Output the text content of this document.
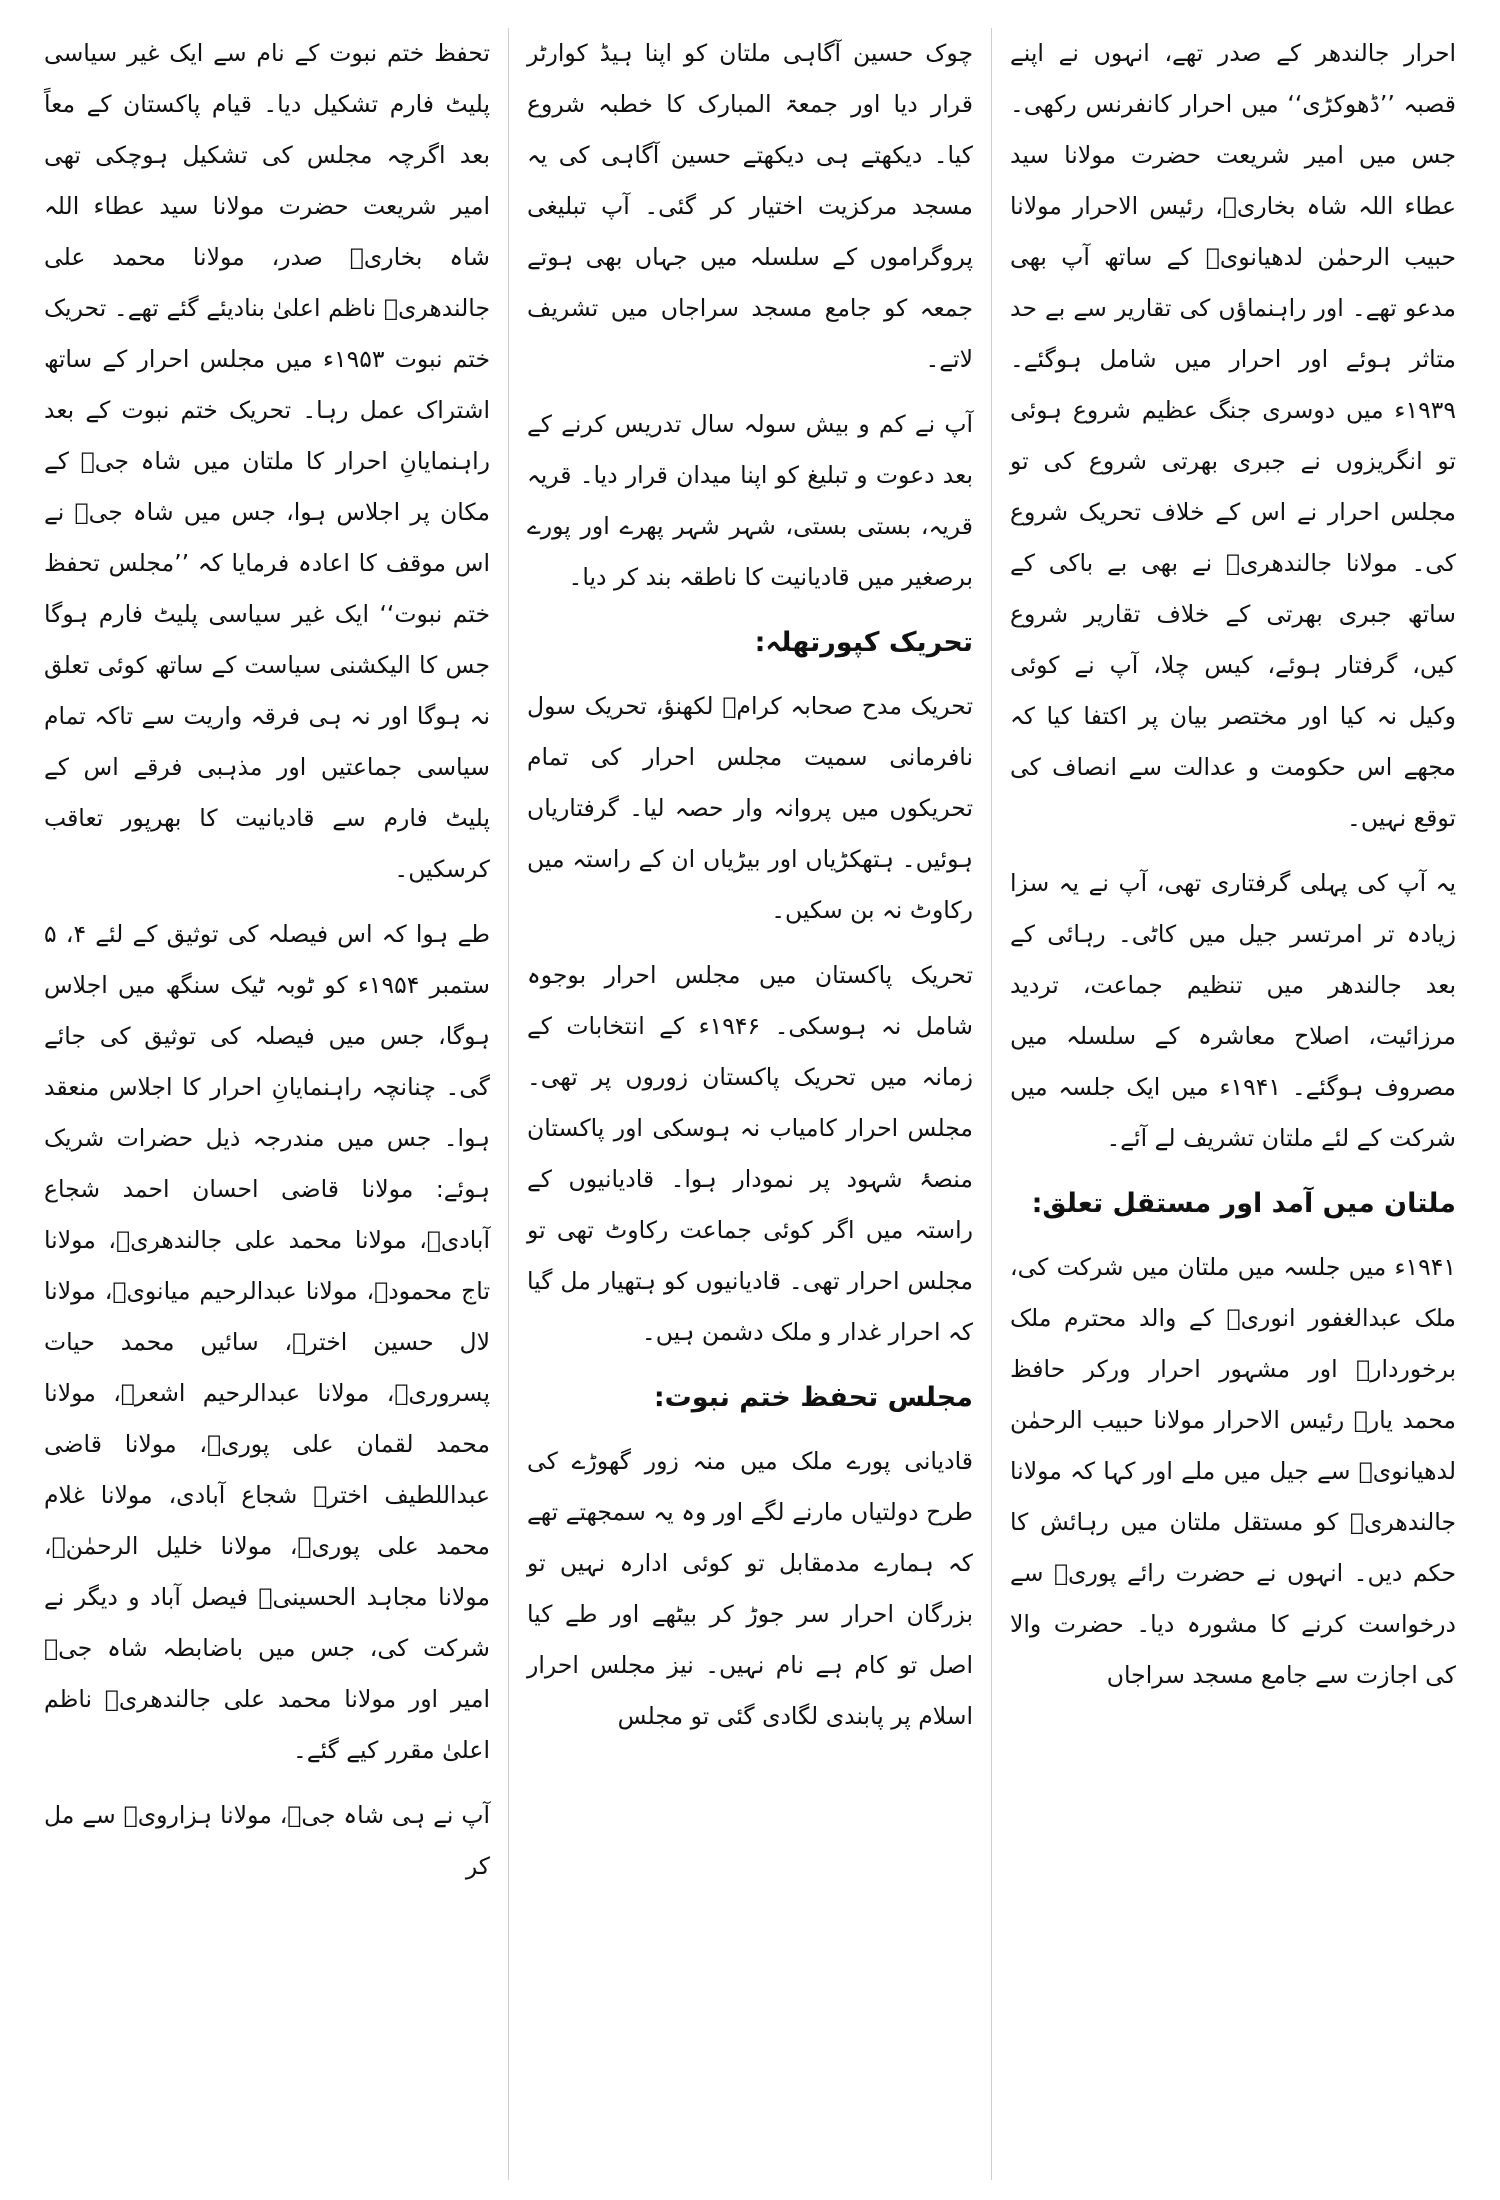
احرار جالندھر کے صدر تھے، انہوں نے اپنے قصبہ ’’ڈھوکڑی‘‘ میں احرار کانفرنس رکھی۔ جس میں امیر شریعت حضرت مولانا سید عطاء اللہ شاہ بخاریؒ، رئیس الاحرار مولانا حبیب الرحمٰن لدھیانویؒ کے ساتھ آپ بھی مدعو تھے۔ اور راہنماؤں کی تقاریر سے بے حد متاثر ہوئے اور احرار میں شامل ہوگئے۔ ۱۹۳۹ء میں دوسری جنگ عظیم شروع ہوئی تو انگریزوں نے جبری بھرتی شروع کی تو مجلس احرار نے اس کے خلاف تحریک شروع کی۔ مولانا جالندھریؒ نے بھی بے باکی کے ساتھ جبری بھرتی کے خلاف تقاریر شروع کیں، گرفتار ہوئے، کیس چلا، آپ نے کوئی وکیل نہ کیا اور مختصر بیان پر اکتفا کیا کہ مجھے اس حکومت و عدالت سے انصاف کی توقع نہیں۔

یہ آپ کی پہلی گرفتاری تھی، آپ نے یہ سزا زیادہ تر امرتسر جیل میں کاٹی۔ رہائی کے بعد جالندھر میں تنظیم جماعت، تردید مرزائیت، اصلاح معاشرہ کے سلسلہ میں مصروف ہوگئے۔ ۱۹۴۱ء میں ایک جلسہ میں شرکت کے لئے ملتان تشریف لے آئے۔

ملتان میں آمد اور مستقل تعلق:

۱۹۴۱ء میں جلسہ میں ملتان میں شرکت کی، ملک عبدالغفور انوریؒ کے والد محترم ملک برخوردارؒ اور مشہور احرار ورکر حافظ محمد یارؒ رئیس الاحرار مولانا حبیب الرحمٰن لدھیانویؒ سے جیل میں ملے اور کہا کہ مولانا جالندھریؒ کو مستقل ملتان میں رہائش کا حکم دیں۔ انہوں نے حضرت رائے پوریؒ سے درخواست کرنے کا مشورہ دیا۔ حضرت والا کی اجازت سے جامع مسجد سراجاں

چوک حسین آگاہی ملتان کو اپنا ہیڈ کوارٹر قرار دیا اور جمعۃ المبارک کا خطبہ شروع کیا۔ دیکھتے ہی دیکھتے حسین آگاہی کی یہ مسجد مرکزیت اختیار کر گئی۔ آپ تبلیغی پروگراموں کے سلسلہ میں جہاں بھی ہوتے جمعہ کو جامع مسجد سراجاں میں تشریف لاتے۔

آپ نے کم و بیش سولہ سال تدریس کرنے کے بعد دعوت و تبلیغ کو اپنا میدان قرار دیا۔ قریہ قریہ، بستی بستی، شہر شہر پھرے اور پورے برصغیر میں قادیانیت کا ناطقہ بند کر دیا۔

تحریک کپورتھلہ:

تحریک مدح صحابہ کرامؓ لکھنؤ، تحریک سول نافرمانی سمیت مجلس احرار کی تمام تحریکوں میں پروانہ وار حصہ لیا۔ گرفتاریاں ہوئیں۔ ہتھکڑیاں اور بیڑیاں ان کے راستہ میں رکاوٹ نہ بن سکیں۔

تحریک پاکستان میں مجلس احرار بوجوہ شامل نہ ہوسکی۔ ۱۹۴۶ء کے انتخابات کے زمانہ میں تحریک پاکستان زوروں پر تھی۔ مجلس احرار کامیاب نہ ہوسکی اور پاکستان منصۂ شہود پر نمودار ہوا۔ قادیانیوں کے راستہ میں اگر کوئی جماعت رکاوٹ تھی تو مجلس احرار تھی۔ قادیانیوں کو ہتھیار مل گیا کہ احرار غدار و ملک دشمن ہیں۔

مجلس تحفظ ختم نبوت:

قادیانی پورے ملک میں منہ زور گھوڑے کی طرح دولتیاں مارنے لگے اور وہ یہ سمجھتے تھے کہ ہمارے مدمقابل تو کوئی ادارہ نہیں تو بزرگان احرار سر جوڑ کر بیٹھے اور طے کیا اصل تو کام ہے نام نہیں۔ نیز مجلس احرار اسلام پر پابندی لگادی گئی تو مجلس

تحفظ ختم نبوت کے نام سے ایک غیر سیاسی پلیٹ فارم تشکیل دیا۔ قیام پاکستان کے معاً بعد اگرچہ مجلس کی تشکیل ہوچکی تھی امیر شریعت حضرت مولانا سید عطاء اللہ شاہ بخاریؒ صدر، مولانا محمد علی جالندھریؒ ناظم اعلیٰ بنادیئے گئے تھے۔ تحریک ختم نبوت ۱۹۵۳ء میں مجلس احرار کے ساتھ اشتراک عمل رہا۔ تحریک ختم نبوت کے بعد راہنمایانِ احرار کا ملتان میں شاہ جیؒ کے مکان پر اجلاس ہوا، جس میں شاہ جیؒ نے اس موقف کا اعادہ فرمایا کہ ’’مجلس تحفظ ختم نبوت‘‘ ایک غیر سیاسی پلیٹ فارم ہوگا جس کا الیکشنی سیاست کے ساتھ کوئی تعلق نہ ہوگا اور نہ ہی فرقہ واریت سے تاکہ تمام سیاسی جماعتیں اور مذہبی فرقے اس کے پلیٹ فارم سے قادیانیت کا بھرپور تعاقب کرسکیں۔

طے ہوا کہ اس فیصلہ کی توثیق کے لئے ۴، ۵ ستمبر ۱۹۵۴ء کو ٹوبہ ٹیک سنگھ میں اجلاس ہوگا، جس میں فیصلہ کی توثیق کی جائے گی۔ چنانچہ راہنمایانِ احرار کا اجلاس منعقد ہوا۔ جس میں مندرجہ ذیل حضرات شریک ہوئے: مولانا قاضی احسان احمد شجاع آبادیؒ، مولانا محمد علی جالندھریؒ، مولانا تاج محمودؒ، مولانا عبدالرحیم میانویؒ، مولانا لال حسین اخترؒ، سائیں محمد حیات پسروریؒ، مولانا عبدالرحیم اشعرؒ، مولانا محمد لقمان علی پوریؒ، مولانا قاضی عبداللطیف اخترؒ شجاع آبادی، مولانا غلام محمد علی پوریؒ، مولانا خلیل الرحمٰنؒ، مولانا مجاہد الحسینیؒ فیصل آباد و دیگر نے شرکت کی، جس میں باضابطہ شاہ جیؒ امیر اور مولانا محمد علی جالندھریؒ ناظم اعلیٰ مقرر کیے گئے۔

آپ نے ہی شاہ جیؒ، مولانا ہزارویؒ سے مل کر
